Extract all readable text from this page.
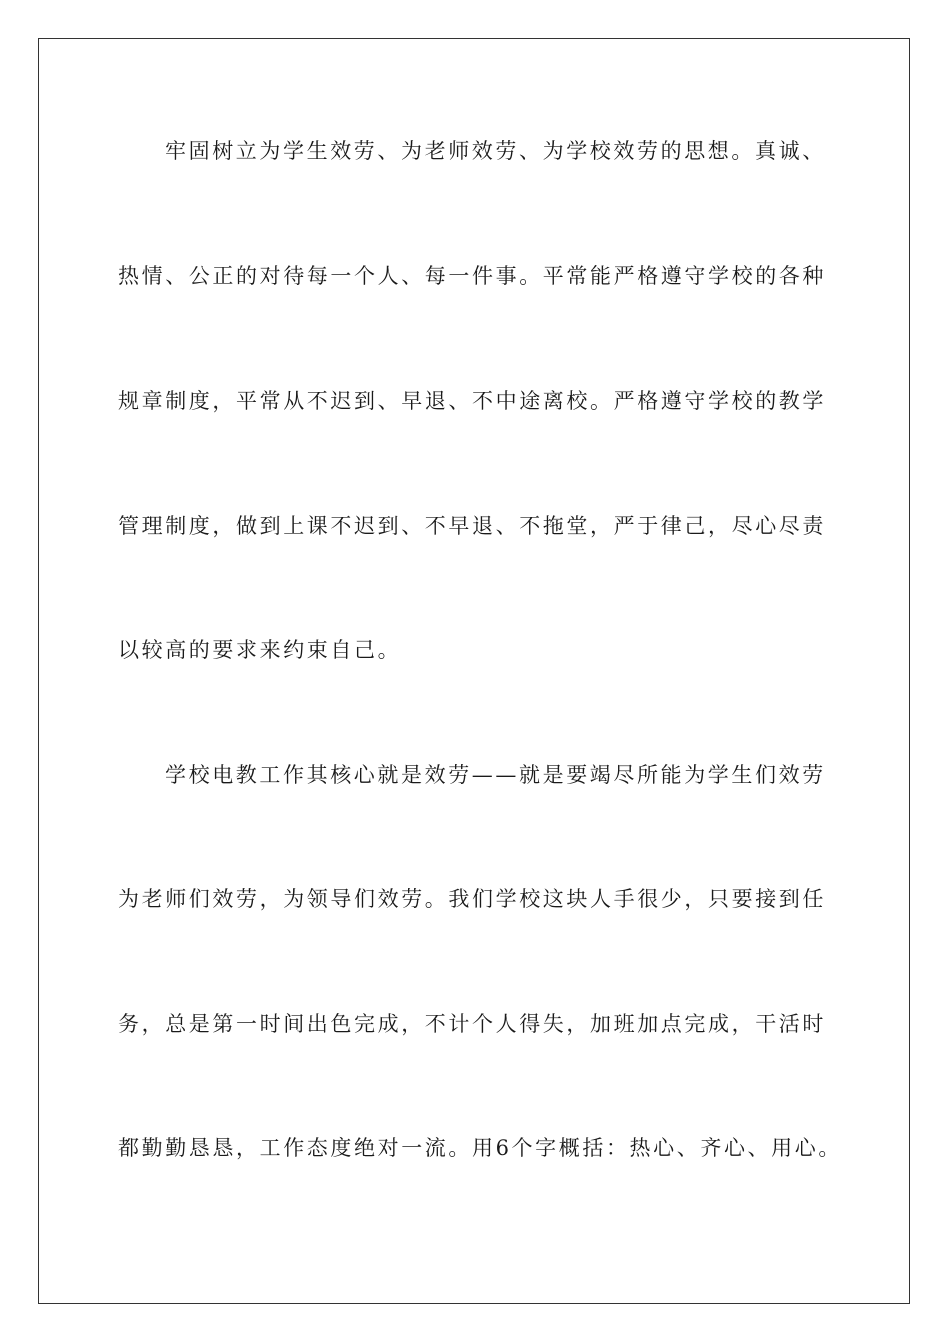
牢固树立为学生效劳、为老师效劳、为学校效劳的思想。真诚、
热情、公正的对待每一个人、每一件事。平常能严格遵守学校的各种
规章制度，平常从不迟到、早退、不中途离校。严格遵守学校的教学
管理制度，做到上课不迟到、不早退、不拖堂，严于律己，尽心尽责
以较高的要求来约束自己。
学校电教工作其核心就是效劳——就是要竭尽所能为学生们效劳
为老师们效劳，为领导们效劳。我们学校这块人手很少，只要接到任
务，总是第一时间出色完成，不计个人得失，加班加点完成，干活时
都勤勤恳恳，工作态度绝对一流。用6个字概括：热心、齐心、用心。
